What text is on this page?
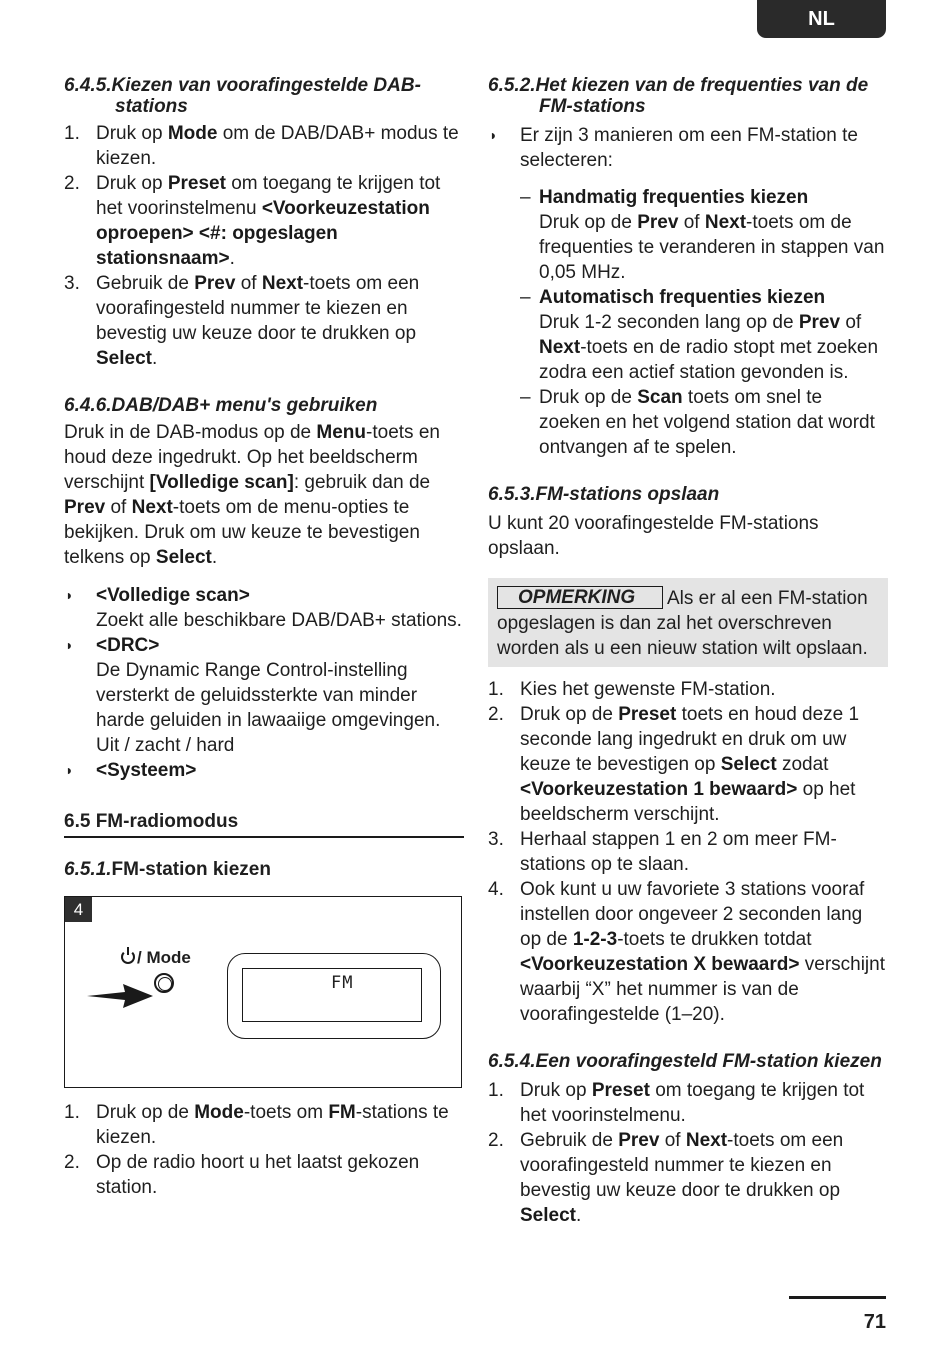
NL
6.4.5.Kiezen van voorafingestelde DAB-
stations
1. Druk op Mode om de DAB/DAB+ modus te kiezen.
2. Druk op Preset om toegang te krijgen tot het voorinstelmenu <Voorkeuzestation oproepen> <#: opgeslagen stationsnaam>.
3. Gebruik de Prev of Next-toets om een voorafingesteld nummer te kiezen en bevestig uw keuze door te drukken op Select.
6.4.6.DAB/DAB+ menu's gebruiken

Druk in de DAB-modus op de Menu-toets en houd deze ingedrukt. Op het beeldscherm verschijnt [Volledige scan]: gebruik dan de Prev of Next-toets om de menu-opties te bekijken. Druk om uw keuze te bevestigen telkens op Select.

◗ <Volledige scan>
Zoekt alle beschikbare DAB/DAB+ stations.
◗ <DRC>
De Dynamic Range Control-instelling versterkt de geluidssterkte van minder harde geluiden in lawaaiige omgevingen. Uit / zacht / hard
◗ <Systeem>
6.5 FM-radiomodus
6.5.1.FM-station kiezen
4
/ Mode
FM
1. Druk op de Mode-toets om FM-stations te kiezen.
2. Op de radio hoort u het laatst gekozen station.
6.5.2.Het kiezen van de frequenties van de
FM-stations
◗ Er zijn 3 manieren om een FM-station te selecteren:
– Handmatig frequenties kiezen
Druk op de Prev of Next-toets om de frequenties te veranderen in stappen van 0,05 MHz.
– Automatisch frequenties kiezen
Druk 1-2 seconden lang op de Prev of Next-toets en de radio stopt met zoeken zodra een actief station gevonden is.
– Druk op de Scan toets om snel te zoeken en het volgend station dat wordt ontvangen af te spelen.
6.5.3.FM-stations opslaan

U kunt 20 voorafingestelde FM-stations opslaan.

OPMERKING Als er al een FM-station opgeslagen is dan zal het overschreven worden als u een nieuw station wilt opslaan.
1. Kies het gewenste FM-station.
2. Druk op de Preset toets en houd deze 1 seconde lang ingedrukt en druk om uw keuze te bevestigen op Select zodat <Voorkeuzestation 1 bewaard> op het beeldscherm verschijnt.
3. Herhaal stappen 1 en 2 om meer FM-stations op te slaan.
4. Ook kunt u uw favoriete 3 stations vooraf instellen door ongeveer 2 seconden lang op de 1-2-3-toets te drukken totdat <Voorkeuzestation X bewaard> verschijnt waarbij “X” het nummer is van de voorafingestelde (1–20).
6.5.4.Een voorafingesteld FM-station kiezen
1. Druk op Preset om toegang te krijgen tot het voorinstelmenu.
2. Gebruik de Prev of Next-toets om een voorafingesteld nummer te kiezen en bevestig uw keuze door te drukken op Select.
71
